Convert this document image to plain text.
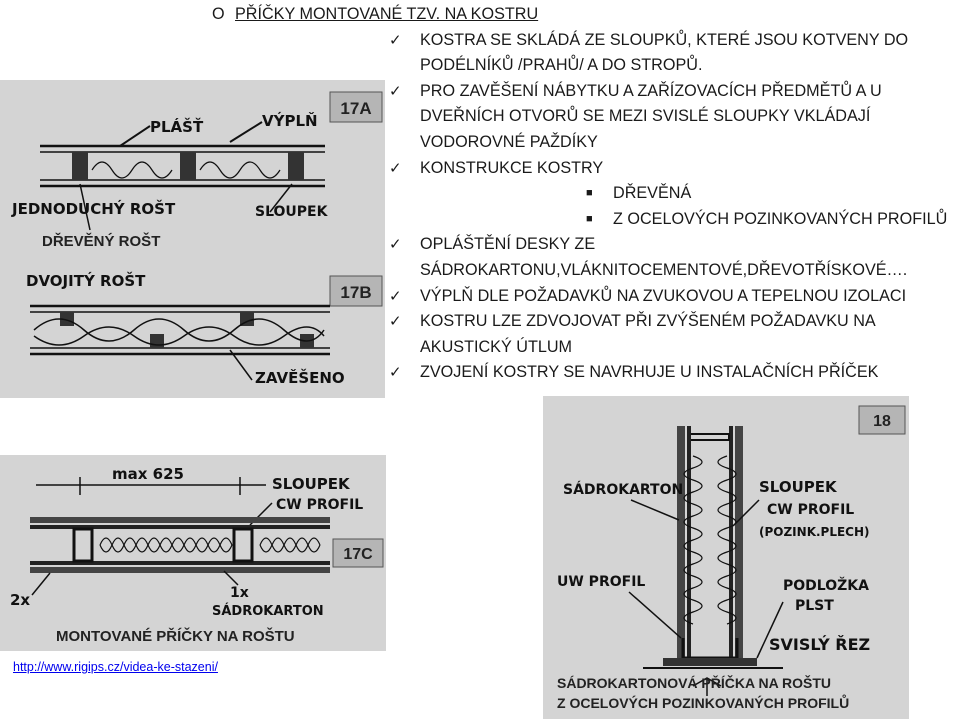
O PŘÍČKY MONTOVANÉ TZV. NA KOSTRU
✓ KOSTRA SE SKLÁDÁ ZE SLOUPKŮ, KTERÉ JSOU KOTVENY DO
PODÉLNÍKŮ /PRAHŮ/ A DO STROPŮ.
✓ PRO ZAVĚŠENÍ NÁBYTKU A ZAŘÍZOVACÍCH PŘEDMĚTŮ A U
DVEŘNÍCH OTVORŮ SE MEZI SVISLÉ SLOUPKY VKLÁDAJÍ
VODOROVNÉ PAŽDÍKY
✓ KONSTRUKCE KOSTRY
■ DŘEVĚNÁ
■ Z OCELOVÝCH POZINKOVANÝCH PROFILŮ
✓ OPLÁŠTĚNÍ DESKY ZE
SÁDROKARTONU,VLÁKNITOCEMENTOVÉ,DŘEVOTŘÍSKOVÉ….
✓ VÝPLŇ DLE POŽADAVKŮ NA ZVUKOVOU A TEPELNOU IZOLACI
✓ KOSTRU LZE ZDVOJOVAT PŘI ZVÝŠENÉM POŽADAVKU NA
AKUSTICKÝ ÚTLUM
✓ ZVOJENÍ KOSTRY SE NAVRHUJE U INSTALAČNÍCH PŘÍČEK
17A
17B
PLÁŠŤ	VÝPLŇ
JEDNODUCHÝ ROŠT	SLOUPEK
DŘEVĚNÝ ROŠT
DVOJITÝ ROŠT
ZAVĚŠENO
max 625
SLOUPEK
CW PROFIL
17C
2x	1x
SÁDROKARTON
MONTOVANÉ PŘÍČKY NA ROŠTU
18
SÁDROKARTON	SLOUPEK
CW PROFIL
(POZINK.PLECH)
UW PROFIL	PODLOŽKA
PLST
SVISLÝ ŘEZ
SÁDROKARTONOVÁ PŘÍČKA NA ROŠTU
Z OCELOVÝCH POZINKOVANÝCH PROFILŮ
http://www.rigips.cz/videa-ke-stazeni/
